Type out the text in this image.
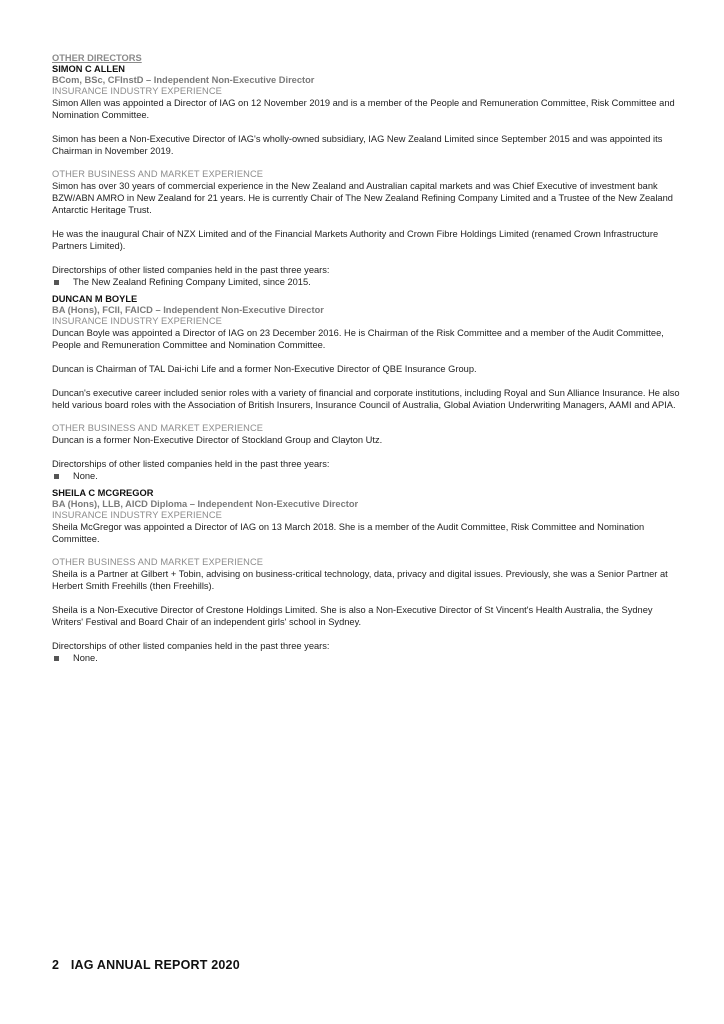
OTHER DIRECTORS
SIMON C ALLEN
BCom, BSc, CFInstD – Independent Non-Executive Director
INSURANCE INDUSTRY EXPERIENCE

Simon Allen was appointed a Director of IAG on 12 November 2019 and is a member of the People and Remuneration Committee, Risk Committee and Nomination Committee.

Simon has been a Non-Executive Director of IAG's wholly-owned subsidiary, IAG New Zealand Limited since September 2015 and was appointed its Chairman in November 2019.

OTHER BUSINESS AND MARKET EXPERIENCE

Simon has over 30 years of commercial experience in the New Zealand and Australian capital markets and was Chief Executive of investment bank BZW/ABN AMRO in New Zealand for 21 years. He is currently Chair of The New Zealand Refining Company Limited and a Trustee of the New Zealand Antarctic Heritage Trust.

He was the inaugural Chair of NZX Limited and of the Financial Markets Authority and Crown Fibre Holdings Limited (renamed Crown Infrastructure Partners Limited).

Directorships of other listed companies held in the past three years:

The New Zealand Refining Company Limited, since 2015.
DUNCAN M BOYLE
BA (Hons), FCII, FAICD – Independent Non-Executive Director
INSURANCE INDUSTRY EXPERIENCE

Duncan Boyle was appointed a Director of IAG on 23 December 2016. He is Chairman of the Risk Committee and a member of the Audit Committee, People and Remuneration Committee and Nomination Committee.

Duncan is Chairman of TAL Dai-ichi Life and a former Non-Executive Director of QBE Insurance Group.

Duncan's executive career included senior roles with a variety of financial and corporate institutions, including Royal and Sun Alliance Insurance. He also held various board roles with the Association of British Insurers, Insurance Council of Australia, Global Aviation Underwriting Managers, AAMI and APIA.

OTHER BUSINESS AND MARKET EXPERIENCE

Duncan is a former Non-Executive Director of Stockland Group and Clayton Utz.

Directorships of other listed companies held in the past three years:

None.
SHEILA C MCGREGOR
BA (Hons), LLB, AICD Diploma – Independent Non-Executive Director
INSURANCE INDUSTRY EXPERIENCE

Sheila McGregor was appointed a Director of IAG on 13 March 2018. She is a member of the Audit Committee, Risk Committee and Nomination Committee.

OTHER BUSINESS AND MARKET EXPERIENCE

Sheila is a Partner at Gilbert + Tobin, advising on business-critical technology, data, privacy and digital issues. Previously, she was a Senior Partner at Herbert Smith Freehills (then Freehills).

Sheila is a Non-Executive Director of Crestone Holdings Limited. She is also a Non-Executive Director of St Vincent's Health Australia, the Sydney Writers' Festival and Board Chair of an independent girls' school in Sydney.

Directorships of other listed companies held in the past three years:

None.
2 IAG ANNUAL REPORT 2020
